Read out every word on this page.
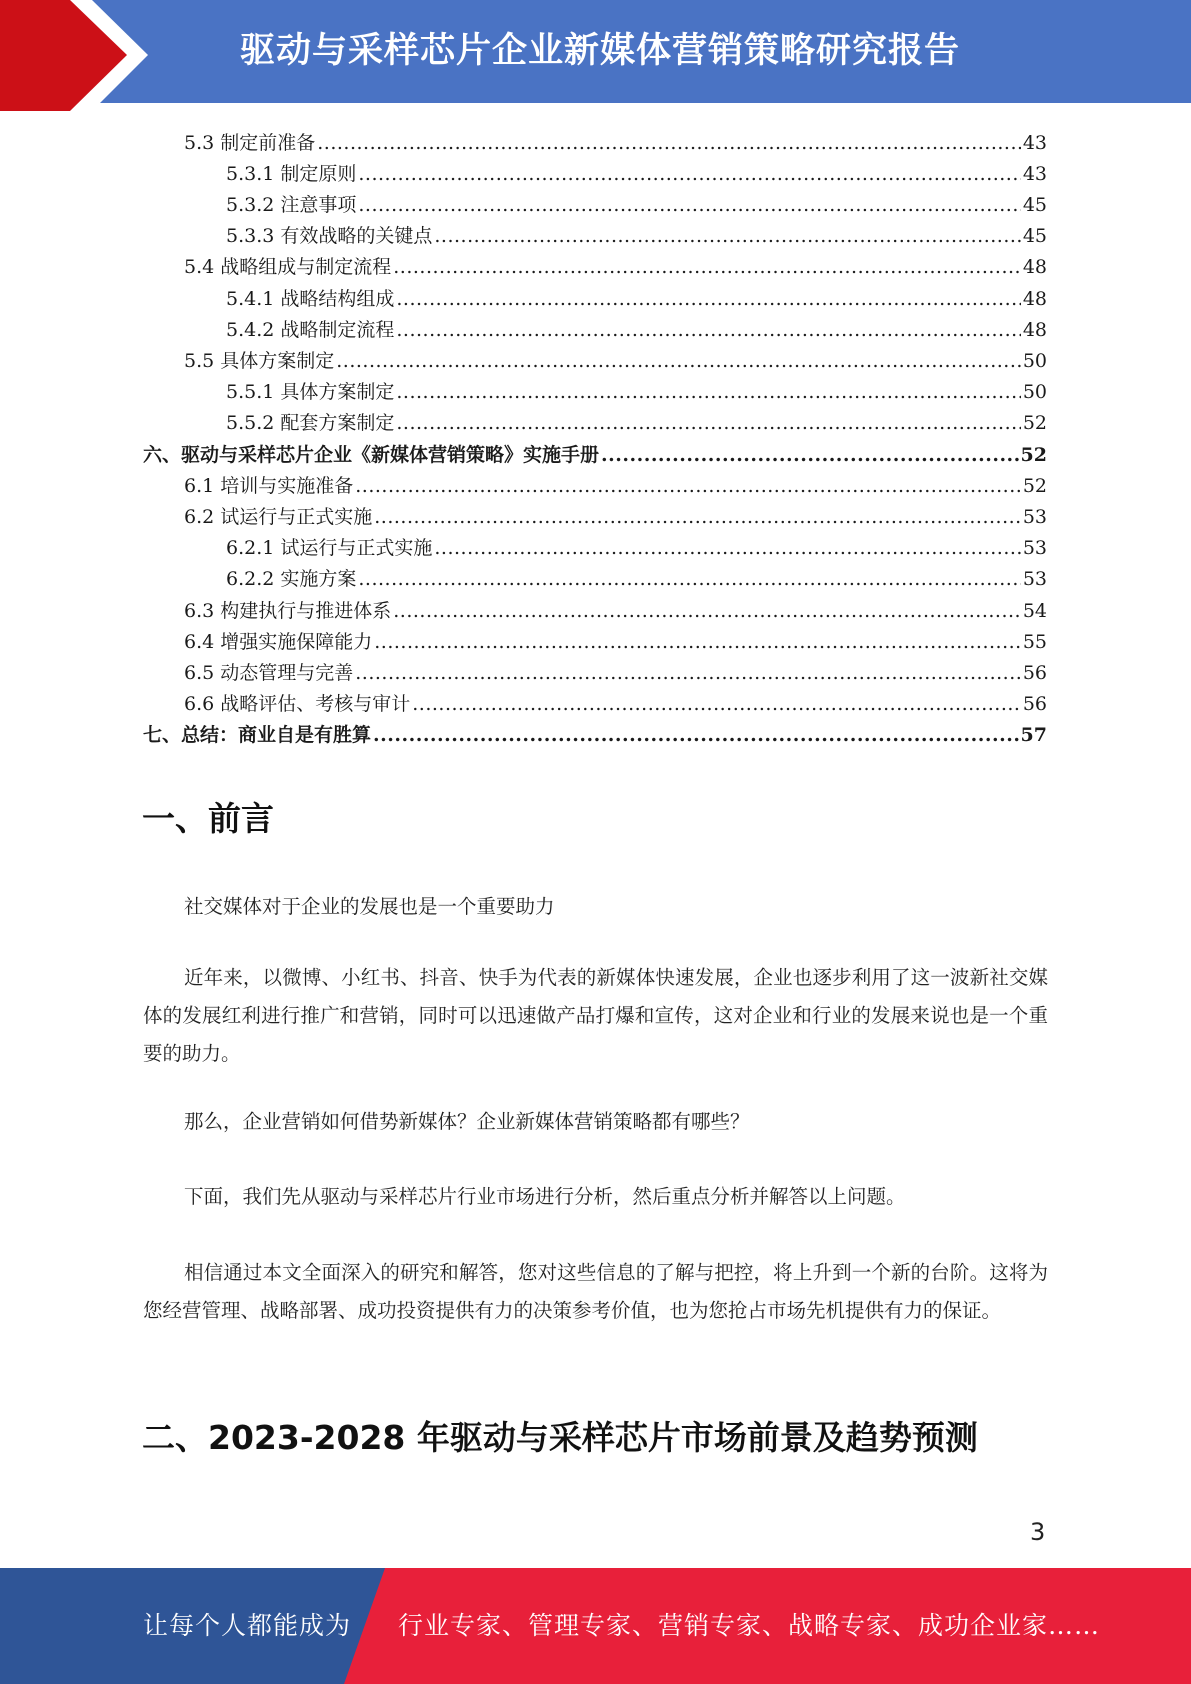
驱动与采样芯片企业新媒体营销策略研究报告
5.3 制定前准备 .....	43
5.3.1 制定原则 .....	43
5.3.2 注意事项 .....	45
5.3.3 有效战略的关键点 .....	45
5.4 战略组成与制定流程 .....	48
5.4.1 战略结构组成 .....	48
5.4.2 战略制定流程 .....	48
5.5 具体方案制定 .....	50
5.5.1 具体方案制定 .....	50
5.5.2 配套方案制定 .....	52
六、驱动与采样芯片企业《新媒体营销策略》实施手册 .....	52
6.1 培训与实施准备 .....	52
6.2 试运行与正式实施 .....	53
6.2.1 试运行与正式实施 .....	53
6.2.2 实施方案 .....	53
6.3 构建执行与推进体系 .....	54
6.4 增强实施保障能力 .....	55
6.5 动态管理与完善 .....	56
6.6 战略评估、考核与审计 .....	56
七、总结：商业自是有胜算 .....	57
一、前言

社交媒体对于企业的发展也是一个重要助力

近年来，以微博、小红书、抖音、快手为代表的新媒体快速发展，企业也逐步利用了这一波新社交媒体的发展红利进行推广和营销，同时可以迅速做产品打爆和宣传，这对企业和行业的发展来说也是一个重要的助力。

那么，企业营销如何借势新媒体？企业新媒体营销策略都有哪些？

下面，我们先从驱动与采样芯片行业市场进行分析，然后重点分析并解答以上问题。

相信通过本文全面深入的研究和解答，您对这些信息的了解与把控，将上升到一个新的台阶。这将为您经营管理、战略部署、成功投资提供有力的决策参考价值，也为您抢占市场先机提供有力的保证。

二、2023-2028 年驱动与采样芯片市场前景及趋势预测
3
让每个人都能成为 行业专家、管理专家、营销专家、战略专家、成功企业家……
